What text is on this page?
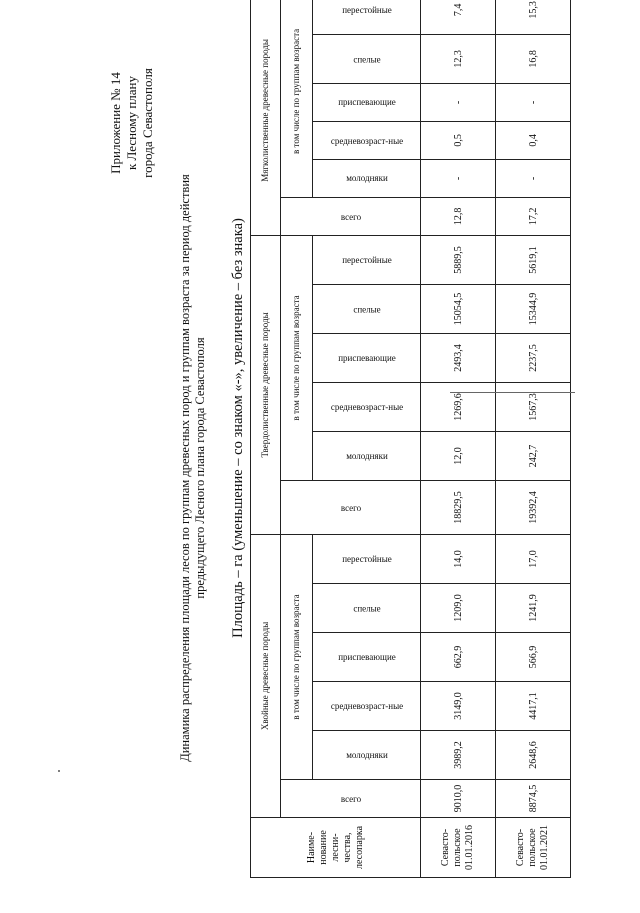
Приложение № 14 к Лесному плану города Севастополя
Динамика распределения площади лесов по группам древесных пород и группам возраста за период действия предыдущего Лесного плана города Севастополя Площадь – га (уменьшение – со знаком «-», увеличение – без знака)
Наиме-нование лесни-чества, лесопарка	Хвойные древесные породы						Твердолиственные древесные породы						Мягколиственные древесные породы					

	всего	в том числе по группам возраста					всего	в том числе по группам возраста					всего	в том числе по группам возраста				

		молодняки	средневозраст-ные	приспевающие	спелые	перестойные		молодняки	средневозраст-ные	приспевающие	спелые	перестойные		молодняки	средневозраст-ные	приспевающие	спелые	перестойные

Севасто-польское 01.01.2016	9010,0	3989,2	3149,0	662,9	1209,0	14,0	18829,5	12,0	1269,6	2493,4	15054,5	5889,5	12,8	-	0,5	-	12,3	7,4
Севасто-польское 01.01.2021	8874,5	2648,6	4417,1	566,9	1241,9	17,0	19392,4	242,7	1567,3	2237,5	15344,9	5619,1	17,2	-	0,4	-	16,8	15,3
